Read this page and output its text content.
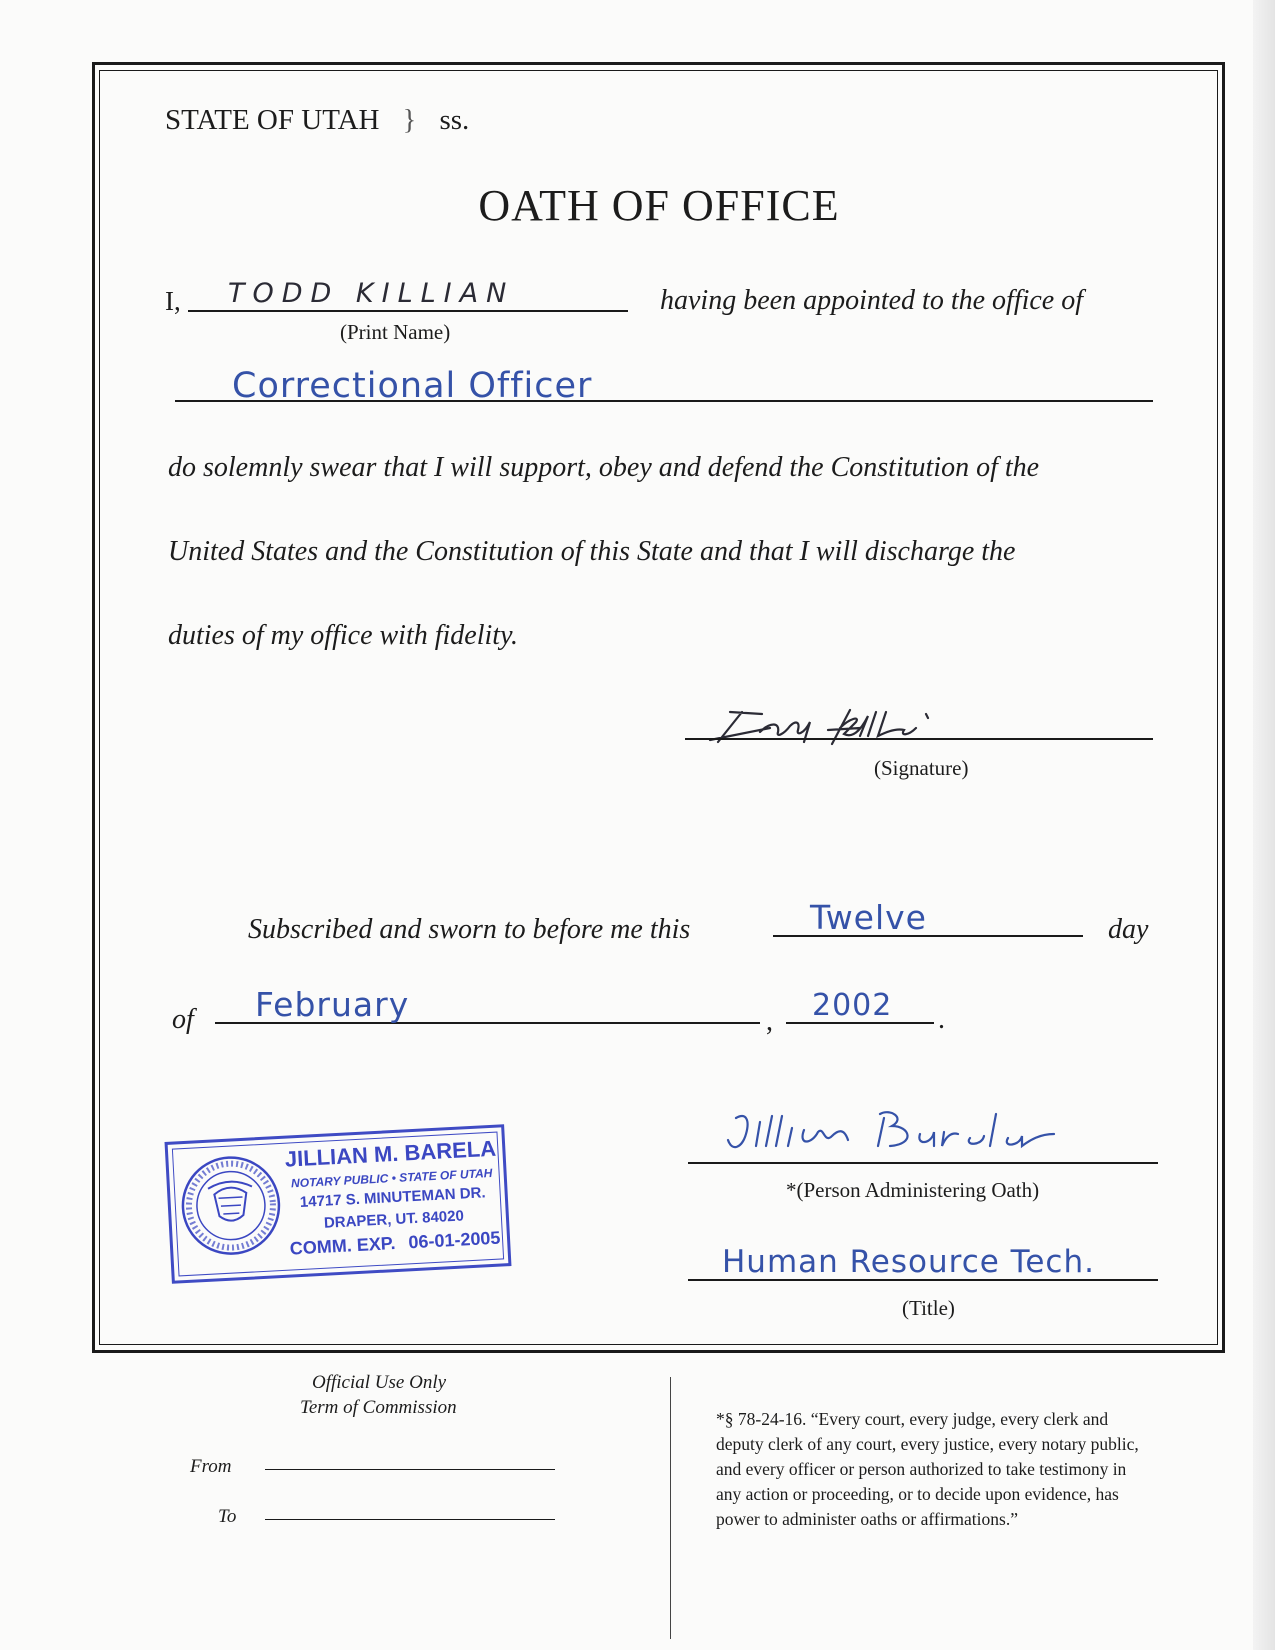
STATE OF UTAH } ss.
OATH OF OFFICE
I, TODD KILLIAN
(Print Name)
having been appointed to the office of
Correctional Officer
do solemnly swear that I will support, obey and defend the Constitution of the
United States and the Constitution of this State and that I will discharge the
duties of my office with fidelity.
(Signature)
Subscribed and sworn to before me this	Twelve	day
of February	, 2002 .
*(Person Administering Oath)
Human Resource Tech.
(Title)
JILLIAN M. BARELA
NOTARY PUBLIC • STATE OF UTAH
14717 S. MINUTEMAN DR.
DRAPER, UT. 84020
COMM. EXP. 06-01-2005
Official Use Only
Term of Commission
From
To
*§ 78-24-16. “Every court, every judge, every clerk and
deputy clerk of any court, every justice, every notary public,
and every officer or person authorized to take testimony in
any action or proceeding, or to decide upon evidence, has
power to administer oaths or affirmations.”
